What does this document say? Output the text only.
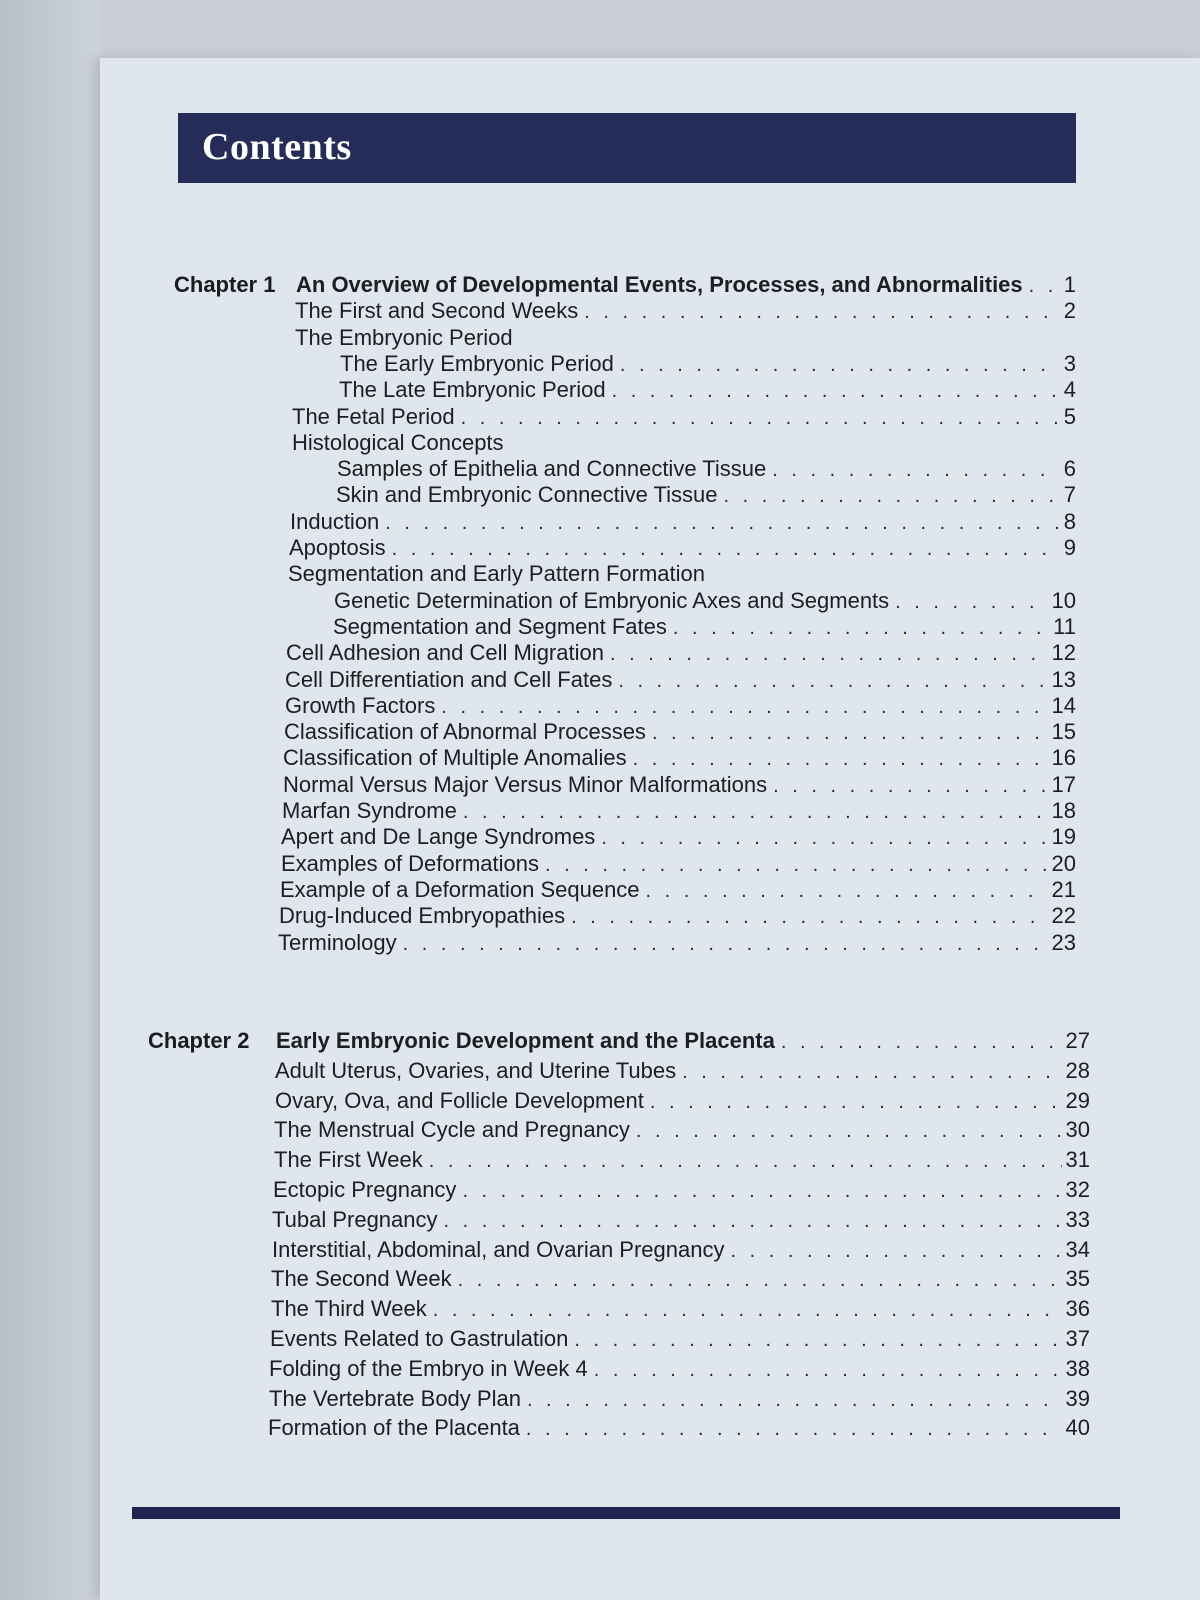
Contents
Chapter 1 An Overview of Developmental Events, Processes, and Abnormalities . . . 1
The First and Second Weeks . . .	2
The Embryonic Period
The Early Embryonic Period . . .	3
The Late Embryonic Period . . .	4
The Fetal Period . . .	5
Histological Concepts
Samples of Epithelia and Connective Tissue . . .	6
Skin and Embryonic Connective Tissue . . .	7
Induction . . .	8
Apoptosis . . .	9
Segmentation and Early Pattern Formation
Genetic Determination of Embryonic Axes and Segments . . .	10
Segmentation and Segment Fates . . .	11
Cell Adhesion and Cell Migration . . .	12
Cell Differentiation and Cell Fates . . .	13
Growth Factors . . .	14
Classification of Abnormal Processes . . .	15
Classification of Multiple Anomalies . . .	16
Normal Versus Major Versus Minor Malformations . . .	17
Marfan Syndrome . . .	18
Apert and De Lange Syndromes . . .	19
Examples of Deformations . . .	20
Example of a Deformation Sequence . . .	21
Drug-Induced Embryopathies . . .	22
Terminology . . .	23
Chapter 2 Early Embryonic Development and the Placenta . . .	27
Adult Uterus, Ovaries, and Uterine Tubes . . .	28
Ovary, Ova, and Follicle Development . . .	29
The Menstrual Cycle and Pregnancy . . .	30
The First Week . . .	31
Ectopic Pregnancy . . .	32
Tubal Pregnancy . . .	33
Interstitial, Abdominal, and Ovarian Pregnancy . . .	34
The Second Week . . .	35
The Third Week . . .	36
Events Related to Gastrulation . . .	37
Folding of the Embryo in Week 4 . . .	38
The Vertebrate Body Plan . . .	39
Formation of the Placenta . . .	40
